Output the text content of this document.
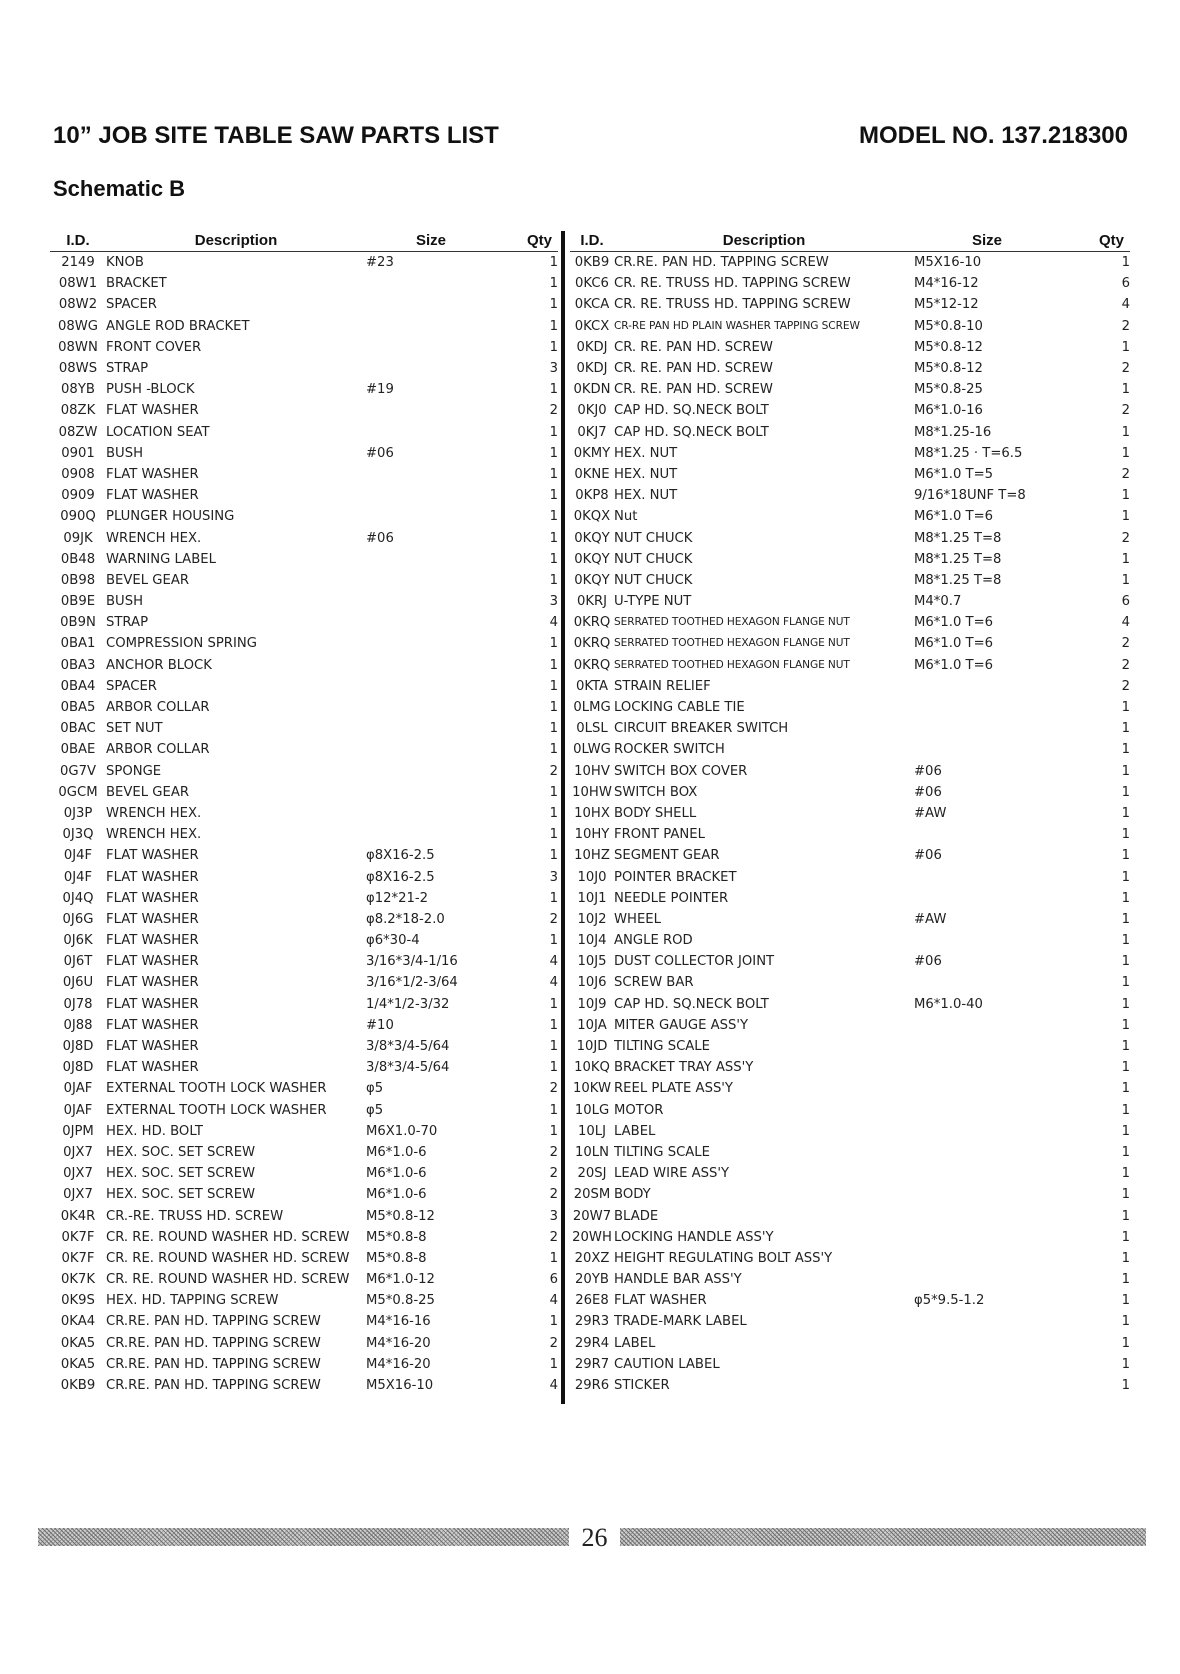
10” JOB SITE TABLE SAW PARTS LIST	MODEL NO. 137.218300
Schematic B
I.D.	Description	Size	Qty
2149	KNOB	#23	1
08W1	BRACKET		1
08W2	SPACER		1
08WG	ANGLE ROD BRACKET		1
08WN	FRONT COVER		1
08WS	STRAP		3
08YB	PUSH -BLOCK	#19	1
08ZK	FLAT WASHER		2
08ZW	LOCATION SEAT		1
0901	BUSH	#06	1
0908	FLAT WASHER		1
0909	FLAT WASHER		1
090Q	PLUNGER HOUSING		1
09JK	WRENCH HEX.	#06	1
0B48	WARNING LABEL		1
0B98	BEVEL GEAR		1
0B9E	BUSH		3
0B9N	STRAP		4
0BA1	COMPRESSION SPRING		1
0BA3	ANCHOR BLOCK		1
0BA4	SPACER		1
0BA5	ARBOR COLLAR		1
0BAC	SET NUT		1
0BAE	ARBOR COLLAR		1
0G7V	SPONGE		2
0GCM	BEVEL GEAR		1
0J3P	WRENCH HEX.		1
0J3Q	WRENCH HEX.		1
0J4F	FLAT WASHER	φ8X16-2.5	1
0J4F	FLAT WASHER	φ8X16-2.5	3
0J4Q	FLAT WASHER	φ12*21-2	1
0J6G	FLAT WASHER	φ8.2*18-2.0	2
0J6K	FLAT WASHER	φ6*30-4	1
0J6T	FLAT WASHER	3/16*3/4-1/16	4
0J6U	FLAT WASHER	3/16*1/2-3/64	4
0J78	FLAT WASHER	1/4*1/2-3/32	1
0J88	FLAT WASHER	#10	1
0J8D	FLAT WASHER	3/8*3/4-5/64	1
0J8D	FLAT WASHER	3/8*3/4-5/64	1
0JAF	EXTERNAL TOOTH LOCK WASHER	φ5	2
0JAF	EXTERNAL TOOTH LOCK WASHER	φ5	1
0JPM	HEX. HD. BOLT	M6X1.0-70	1
0JX7	HEX. SOC. SET SCREW	M6*1.0-6	2
0JX7	HEX. SOC. SET SCREW	M6*1.0-6	2
0JX7	HEX. SOC. SET SCREW	M6*1.0-6	2
0K4R	CR.-RE. TRUSS HD. SCREW	M5*0.8-12	3
0K7F	CR. RE. ROUND WASHER HD. SCREW	M5*0.8-8	2
0K7F	CR. RE. ROUND WASHER HD. SCREW	M5*0.8-8	1
0K7K	CR. RE. ROUND WASHER HD. SCREW	M6*1.0-12	6
0K9S	HEX. HD. TAPPING SCREW	M5*0.8-25	4
0KA4	CR.RE. PAN HD. TAPPING SCREW	M4*16-16	1
0KA5	CR.RE. PAN HD. TAPPING SCREW	M4*16-20	2
0KA5	CR.RE. PAN HD. TAPPING SCREW	M4*16-20	1
0KB9	CR.RE. PAN HD. TAPPING SCREW	M5X16-10	4
I.D.	Description	Size	Qty
0KB9	CR.RE. PAN HD. TAPPING SCREW	M5X16-10	1
0KC6	CR. RE. TRUSS HD. TAPPING SCREW	M4*16-12	6
0KCA	CR. RE. TRUSS HD. TAPPING SCREW	M5*12-12	4
0KCX	CR-RE PAN HD PLAIN WASHER TAPPING SCREW	M5*0.8-10	2
0KDJ	CR. RE. PAN HD. SCREW	M5*0.8-12	1
0KDJ	CR. RE. PAN HD. SCREW	M5*0.8-12	2
0KDN	CR. RE. PAN HD. SCREW	M5*0.8-25	1
0KJ0	CAP HD. SQ.NECK BOLT	M6*1.0-16	2
0KJ7	CAP HD. SQ.NECK BOLT	M8*1.25-16	1
0KMY	HEX. NUT	M8*1.25 · T=6.5	1
0KNE	HEX. NUT	M6*1.0 T=5	2
0KP8	HEX. NUT	9/16*18UNF T=8	1
0KQX	Nut	M6*1.0 T=6	1
0KQY	NUT CHUCK	M8*1.25 T=8	2
0KQY	NUT CHUCK	M8*1.25 T=8	1
0KQY	NUT CHUCK	M8*1.25 T=8	1
0KRJ	U-TYPE NUT	M4*0.7	6
0KRQ	SERRATED TOOTHED HEXAGON FLANGE NUT	M6*1.0 T=6	4
0KRQ	SERRATED TOOTHED HEXAGON FLANGE NUT	M6*1.0 T=6	2
0KRQ	SERRATED TOOTHED HEXAGON FLANGE NUT	M6*1.0 T=6	2
0KTA	STRAIN RELIEF		2
0LMG	LOCKING CABLE TIE		1
0LSL	CIRCUIT BREAKER SWITCH		1
0LWG	ROCKER SWITCH		1
10HV	SWITCH BOX COVER	#06	1
10HW	SWITCH BOX	#06	1
10HX	BODY SHELL	#AW	1
10HY	FRONT PANEL		1
10HZ	SEGMENT GEAR	#06	1
10J0	POINTER BRACKET		1
10J1	NEEDLE POINTER		1
10J2	WHEEL	#AW	1
10J4	ANGLE ROD		1
10J5	DUST COLLECTOR JOINT	#06	1
10J6	SCREW BAR		1
10J9	CAP HD. SQ.NECK BOLT	M6*1.0-40	1
10JA	MITER GAUGE ASS'Y		1
10JD	TILTING SCALE		1
10KQ	BRACKET TRAY ASS'Y		1
10KW	REEL PLATE ASS'Y		1
10LG	MOTOR		1
10LJ	LABEL		1
10LN	TILTING SCALE		1
20SJ	LEAD WIRE ASS'Y		1
20SM	BODY		1
20W7	BLADE		1
20WH	LOCKING HANDLE ASS'Y		1
20XZ	HEIGHT REGULATING BOLT ASS'Y		1
20YB	HANDLE BAR ASS'Y		1
26E8	FLAT WASHER	φ5*9.5-1.2	1
29R3	TRADE-MARK LABEL		1
29R4	LABEL		1
29R7	CAUTION LABEL		1
29R6	STICKER		1
26
